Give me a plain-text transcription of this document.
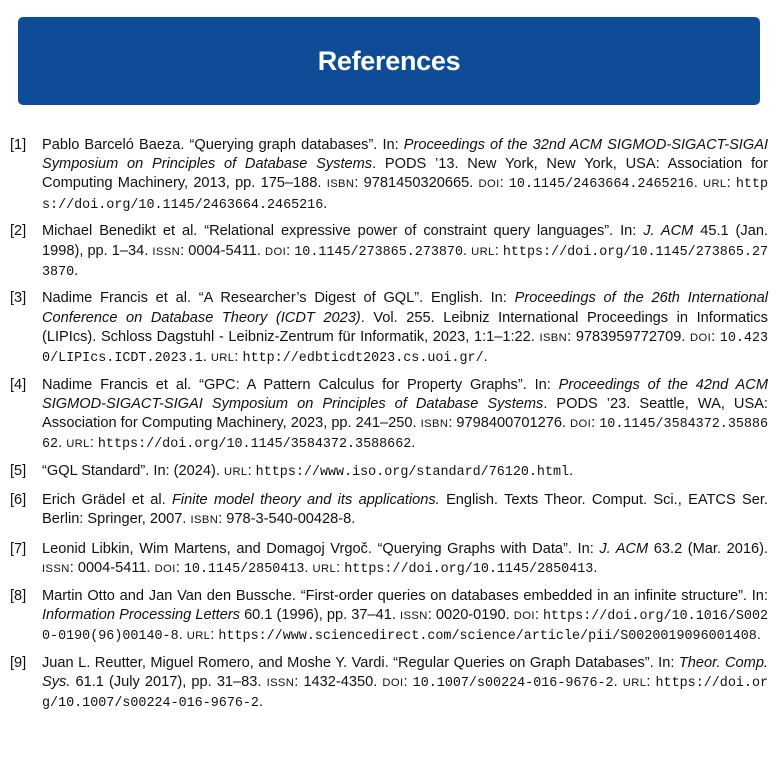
References
[1] Pablo Barceló Baeza. “Querying graph databases”. In: Proceedings of the 32nd ACM SIGMOD-SIGACT-SIGAI Symposium on Principles of Database Systems. PODS ’13. New York, New York, USA: Association for Computing Machinery, 2013, pp. 175–188. ISBN: 9781450320665. DOI: 10.1145/2463664.2465216. URL: https://doi.org/10.1145/2463664.2465216.
[2] Michael Benedikt et al. “Relational expressive power of constraint query languages”. In: J. ACM 45.1 (Jan. 1998), pp. 1–34. ISSN: 0004-5411. DOI: 10.1145/273865.273870. URL: https://doi.org/10.1145/273865.273870.
[3] Nadime Francis et al. “A Researcher’s Digest of GQL”. English. In: Proceedings of the 26th International Conference on Database Theory (ICDT 2023). Vol. 255. Leibniz International Proceedings in Informatics (LIPIcs). Schloss Dagstuhl - Leibniz-Zentrum für Informatik, 2023, 1:1–1:22. ISBN: 9783959772709. DOI: 10.4230/LIPIcs.ICDT.2023.1. URL: http://edbticdt2023.cs.uoi.gr/.
[4] Nadime Francis et al. “GPC: A Pattern Calculus for Property Graphs”. In: Proceedings of the 42nd ACM SIGMOD-SIGACT-SIGAI Symposium on Principles of Database Systems. PODS ’23. Seattle, WA, USA: Association for Computing Machinery, 2023, pp. 241–250. ISBN: 9798400701276. DOI: 10.1145/3584372.3588662. URL: https://doi.org/10.1145/3584372.3588662.
[5] “GQL Standard”. In: (2024). URL: https://www.iso.org/standard/76120.html.
[6] Erich Grädel et al. Finite model theory and its applications. English. Texts Theor. Comput. Sci., EATCS Ser. Berlin: Springer, 2007. ISBN: 978-3-540-00428-8.
[7] Leonid Libkin, Wim Martens, and Domagoj Vrgoč. “Querying Graphs with Data”. In: J. ACM 63.2 (Mar. 2016). ISSN: 0004-5411. DOI: 10.1145/2850413. URL: https://doi.org/10.1145/2850413.
[8] Martin Otto and Jan Van den Bussche. “First-order queries on databases embedded in an infinite structure”. In: Information Processing Letters 60.1 (1996), pp. 37–41. ISSN: 0020-0190. DOI: https://doi.org/10.1016/S0020-0190(96)00140-8. URL: https://www.sciencedirect.com/science/article/pii/S0020019096001408.
[9] Juan L. Reutter, Miguel Romero, and Moshe Y. Vardi. “Regular Queries on Graph Databases”. In: Theor. Comp. Sys. 61.1 (July 2017), pp. 31–83. ISSN: 1432-4350. DOI: 10.1007/s00224-016-9676-2. URL: https://doi.org/10.1007/s00224-016-9676-2.
